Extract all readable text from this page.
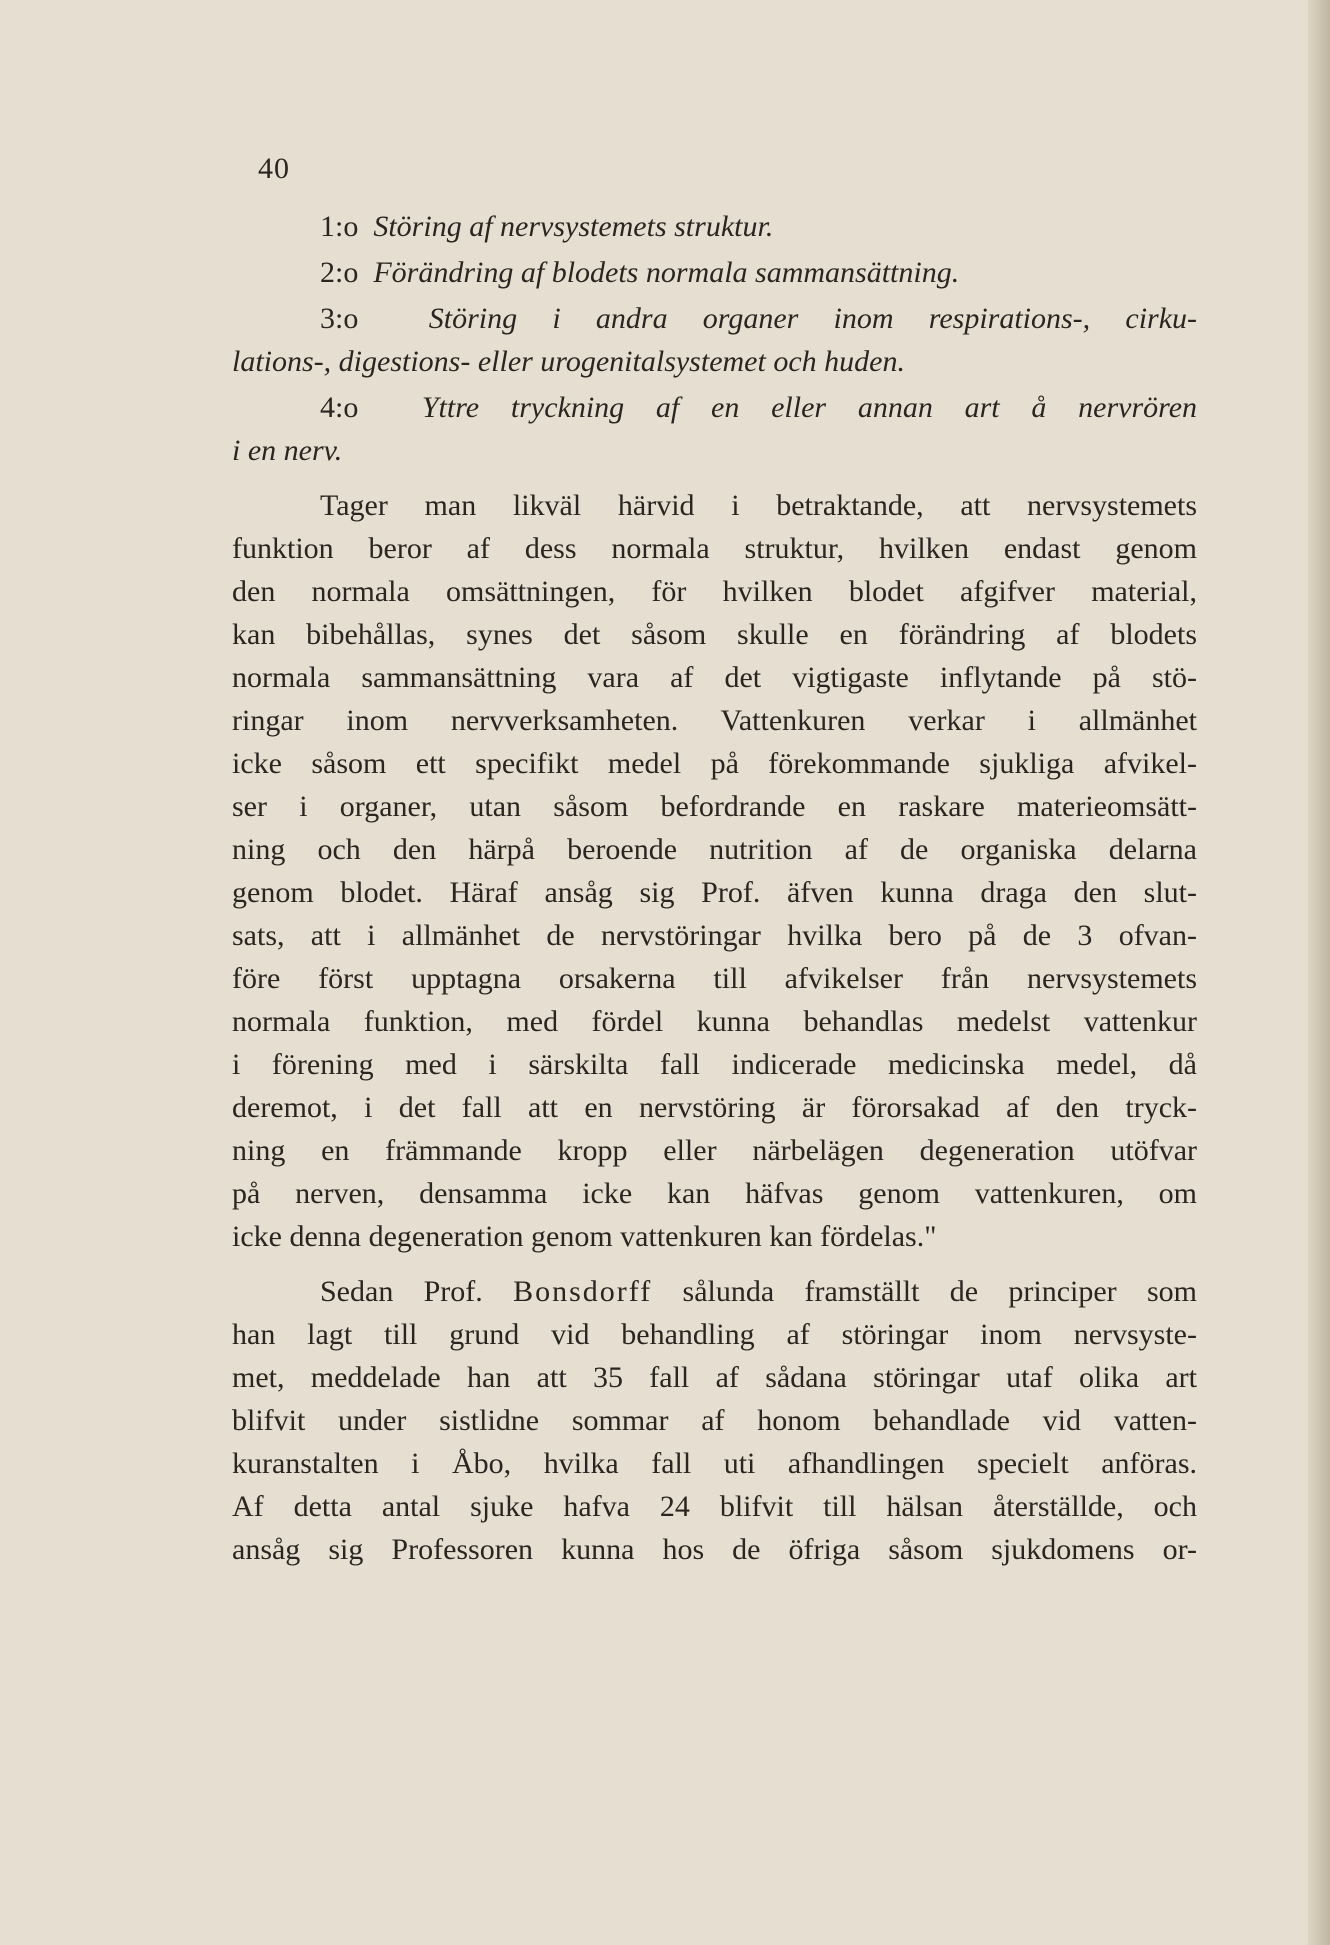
40
1:o Störing af nervsystemets struktur.
2:o Förändring af blodets normala sammansättning.
3:o Störing i andra organer inom respirations-, cirku-
lations-, digestions- eller urogenitalsystemet och huden.
4:o Yttre tryckning af en eller annan art å nervrören
i en nerv.
Tager man likväl härvid i betraktande, att nervsystemets
funktion beror af dess normala struktur, hvilken endast genom
den normala omsättningen, för hvilken blodet afgifver material,
kan bibehållas, synes det såsom skulle en förändring af blodets
normala sammansättning vara af det vigtigaste inflytande på stö-
ringar inom nervverksamheten. Vattenkuren verkar i allmänhet
icke såsom ett specifikt medel på förekommande sjukliga afvikel-
ser i organer, utan såsom befordrande en raskare materieomsätt-
ning och den härpå beroende nutrition af de organiska delarna
genom blodet. Häraf ansåg sig Prof. äfven kunna draga den slut-
sats, att i allmänhet de nervstöringar hvilka bero på de 3 ofvan-
före först upptagna orsakerna till afvikelser från nervsystemets
normala funktion, med fördel kunna behandlas medelst vattenkur
i förening med i särskilta fall indicerade medicinska medel, då
deremot, i det fall att en nervstöring är förorsakad af den tryck-
ning en främmande kropp eller närbelägen degeneration utöfvar
på nerven, densamma icke kan häfvas genom vattenkuren, om
icke denna degeneration genom vattenkuren kan fördelas."
Sedan Prof. Bonsdorff sålunda framställt de principer som
han lagt till grund vid behandling af störingar inom nervsyste-
met, meddelade han att 35 fall af sådana störingar utaf olika art
blifvit under sistlidne sommar af honom behandlade vid vatten-
kuranstalten i Åbo, hvilka fall uti afhandlingen specielt anföras.
Af detta antal sjuke hafva 24 blifvit till hälsan återställde, och
ansåg sig Professoren kunna hos de öfriga såsom sjukdomens or-
